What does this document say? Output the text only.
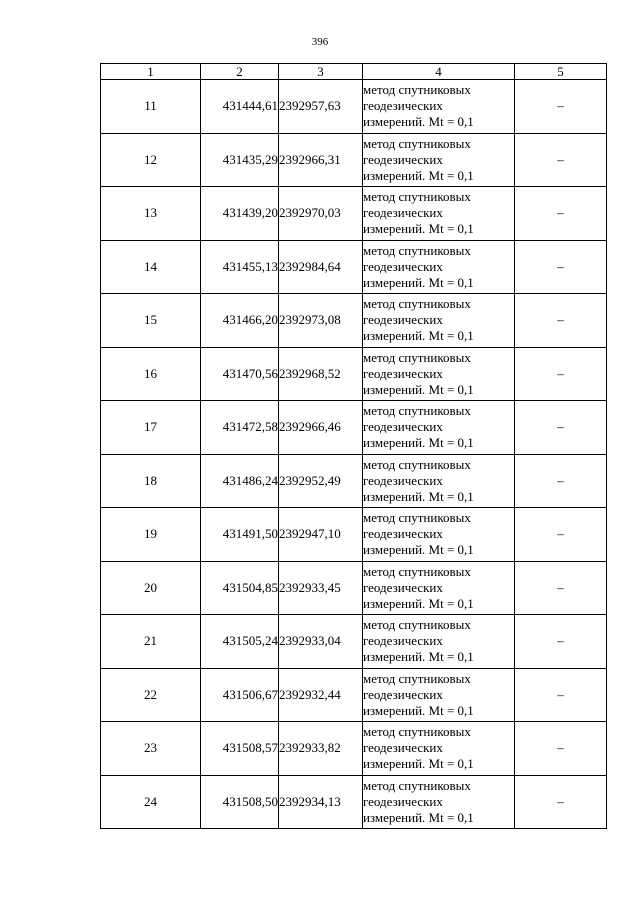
396
1	2	3	4	5
11	431444,61	2392957,63	метод спутниковых
геодезических
измерений. Mt = 0,1	–
12	431435,29	2392966,31	метод спутниковых
геодезических
измерений. Mt = 0,1	–
13	431439,20	2392970,03	метод спутниковых
геодезических
измерений. Mt = 0,1	–
14	431455,13	2392984,64	метод спутниковых
геодезических
измерений. Mt = 0,1	–
15	431466,20	2392973,08	метод спутниковых
геодезических
измерений. Mt = 0,1	–
16	431470,56	2392968,52	метод спутниковых
геодезических
измерений. Mt = 0,1	–
17	431472,58	2392966,46	метод спутниковых
геодезических
измерений. Mt = 0,1	–
18	431486,24	2392952,49	метод спутниковых
геодезических
измерений. Mt = 0,1	–
19	431491,50	2392947,10	метод спутниковых
геодезических
измерений. Mt = 0,1	–
20	431504,85	2392933,45	метод спутниковых
геодезических
измерений. Mt = 0,1	–
21	431505,24	2392933,04	метод спутниковых
геодезических
измерений. Mt = 0,1	–
22	431506,67	2392932,44	метод спутниковых
геодезических
измерений. Mt = 0,1	–
23	431508,57	2392933,82	метод спутниковых
геодезических
измерений. Mt = 0,1	–
24	431508,50	2392934,13	метод спутниковых
геодезических
измерений. Mt = 0,1	–
